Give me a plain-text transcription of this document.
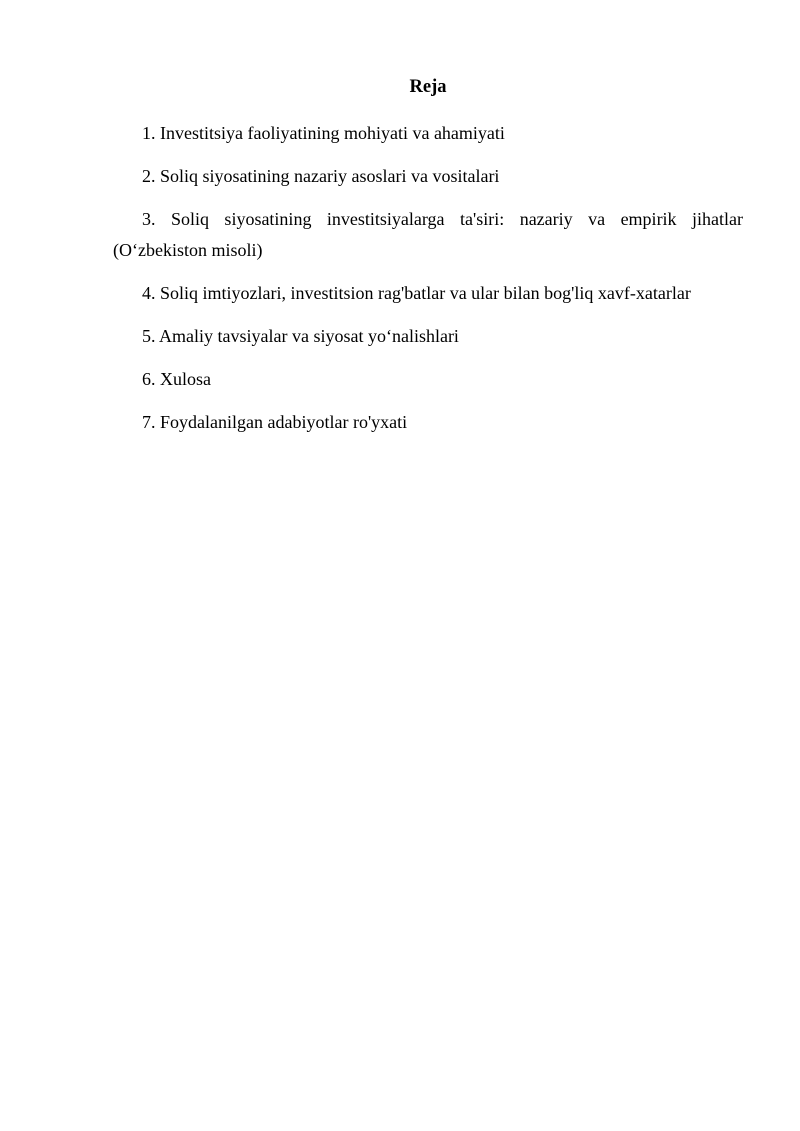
Reja
1. Investitsiya faoliyatining mohiyati va ahamiyati
2. Soliq siyosatining nazariy asoslari va vositalari
3. Soliq siyosatining investitsiyalarga ta'siri: nazariy va empirik jihatlar (O‘zbekiston misoli)
4. Soliq imtiyozlari, investitsion rag'batlar va ular bilan bog'liq xavf-xatarlar
5. Amaliy tavsiyalar va siyosat yo‘nalishlari
6. Xulosa
7. Foydalanilgan adabiyotlar ro'yxati
